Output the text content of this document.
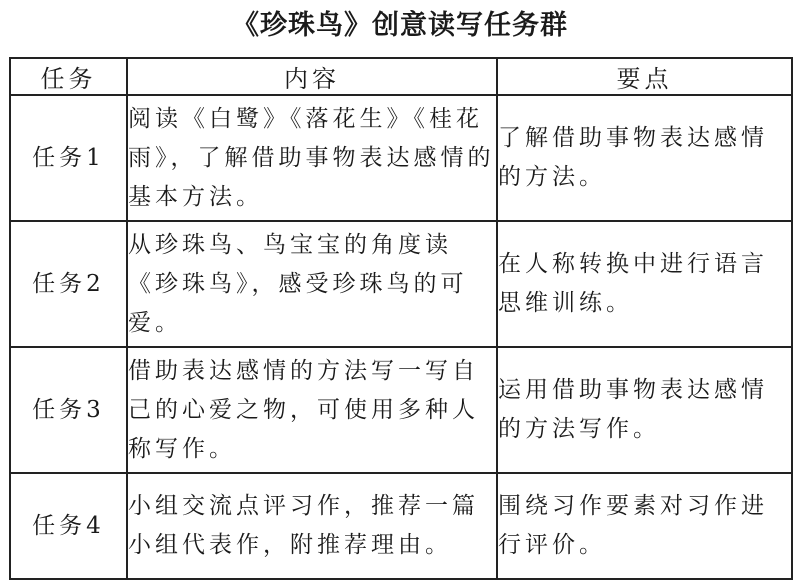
《珍珠鸟》创意读写任务群
任务	内容	要点
任务1	阅读《白鹭》《落花生》《桂花雨》，了解借助事物表达感情的基本方法。	了解借助事物表达感情的方法。
任务2	从珍珠鸟、鸟宝宝的角度读《珍珠鸟》，感受珍珠鸟的可爱。	在人称转换中进行语言思维训练。
任务3	借助表达感情的方法写一写自己的心爱之物，可使用多种人称写作。	运用借助事物表达感情的方法写作。
任务4	小组交流点评习作，推荐一篇小组代表作，附推荐理由。	围绕习作要素对习作进行评价。
